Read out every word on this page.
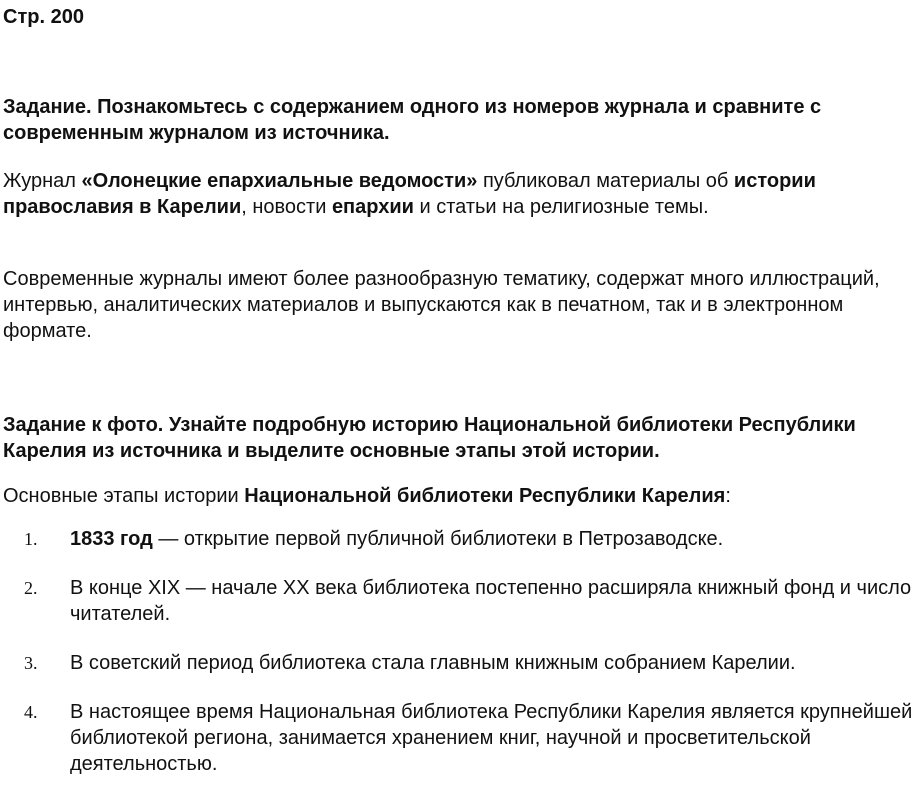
Стр. 200

Задание. Познакомьтесь с содержанием одного из номеров журнала и сравните с современным журналом из источника.

Журнал «Олонецкие епархиальные ведомости» публиковал материалы об истории православия в Карелии, новости епархии и статьи на религиозные темы.

Современные журналы имеют более разнообразную тематику, содержат много иллюстраций, интервью, аналитических материалов и выпускаются как в печатном, так и в электронном формате.

Задание к фото. Узнайте подробную историю Национальной библиотеки Республики Карелия из источника и выделите основные этапы этой истории.

Основные этапы истории Национальной библиотеки Республики Карелия:

1. 1833 год — открытие первой публичной библиотеки в Петрозаводске.
2. В конце XIX — начале XX века библиотека постепенно расширяла книжный фонд и число читателей.
3. В советский период библиотека стала главным книжным собранием Карелии.
4. В настоящее время Национальная библиотека Республики Карелия является крупнейшей библиотекой региона, занимается хранением книг, научной и просветительской деятельностью.
